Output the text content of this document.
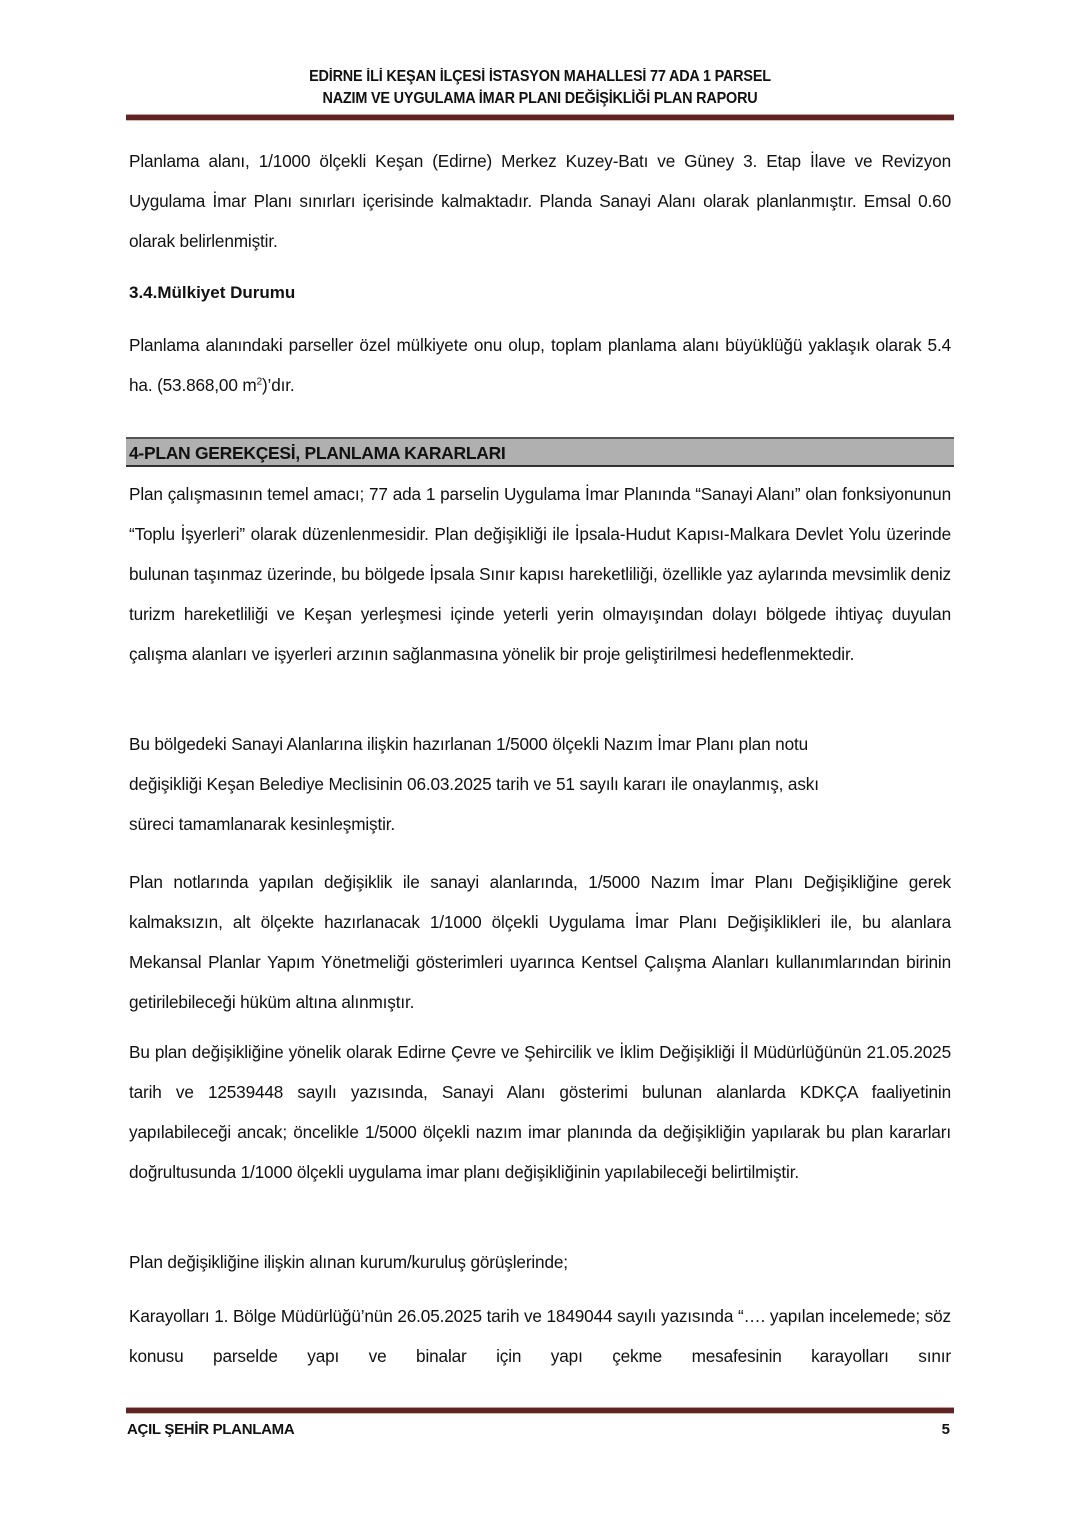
EDİRNE İLİ KEŞAN İLÇESİ İSTASYON MAHALLESİ 77 ADA 1 PARSEL
NAZIM VE UYGULAMA İMAR PLANI DEĞİŞİKLİĞİ PLAN RAPORU

Planlama alanı, 1/1000 ölçekli Keşan (Edirne) Merkez Kuzey-Batı ve Güney 3. Etap İlave ve Revizyon Uygulama İmar Planı sınırları içerisinde kalmaktadır. Planda Sanayi Alanı olarak planlanmıştır. Emsal 0.60 olarak belirlenmiştir.

3.4.Mülkiyet Durumu

Planlama alanındaki parseller özel mülkiyete onu olup, toplam planlama alanı büyüklüğü yaklaşık olarak 5.4 ha. (53.868,00 $m^2)’dır$.

4-PLAN GEREKÇESİ, PLANLAMA KARARLARI

Plan çalışmasının temel amacı; 77 ada 1 parselin Uygulama İmar Planında “Sanayi Alanı” olan fonksiyonunun “Toplu İşyerleri” olarak düzenlenmesidir. Plan değişikliği ile İpsala-Hudut Kapısı-Malkara Devlet Yolu üzerinde bulunan taşınmaz üzerinde, bu bölgede İpsala Sınır kapısı hareketliliği, özellikle yaz aylarında mevsimlik deniz turizm hareketliliği ve Keşan yerleşmesi içinde yeterli yerin olmayışından dolayı bölgede ihtiyaç duyulan çalışma alanları ve işyerleri arzının sağlanmasına yönelik bir proje geliştirilmesi hedeflenmektedir.

Bu bölgedeki Sanayi Alanlarına ilişkin hazırlanan 1/5000 ölçekli Nazım İmar Planı plan notu
değişikliği Keşan Belediye Meclisinin 06.03.2025 tarih ve 51 sayılı kararı ile onaylanmış, askı
süreci tamamlanarak kesinleşmiştir.

Plan notlarında yapılan değişiklik ile sanayi alanlarında, 1/5000 Nazım İmar Planı Değişikliğine gerek kalmaksızın, alt ölçekte hazırlanacak 1/1000 ölçekli Uygulama İmar Planı Değişiklikleri ile, bu alanlara Mekansal Planlar Yapım Yönetmeliği gösterimleri uyarınca Kentsel Çalışma Alanları kullanımlarından birinin getirilebileceği hüküm altına alınmıştır.

Bu plan değişikliğine yönelik olarak Edirne Çevre ve Şehircilik ve İklim Değişikliği İl Müdürlüğünün 21.05.2025 tarih ve 12539448 sayılı yazısında, Sanayi Alanı gösterimi bulunan alanlarda KDKÇA faaliyetinin yapılabileceği ancak; öncelikle 1/5000 ölçekli nazım imar planında da değişikliğin yapılarak bu plan kararları doğrultusunda 1/1000 ölçekli uygulama imar planı değişikliğinin yapılabileceği belirtilmiştir.

Plan değişikliğine ilişkin alınan kurum/kuruluş görüşlerinde;

Karayolları 1. Bölge Müdürlüğü’nün 26.05.2025 tarih ve 1849044 sayılı yazısında “…. yapılan incelemede; söz konusu parselde yapı ve binalar için yapı çekme mesafesinin karayolları sınır

AÇIL ŞEHİR PLANLAMA	5
